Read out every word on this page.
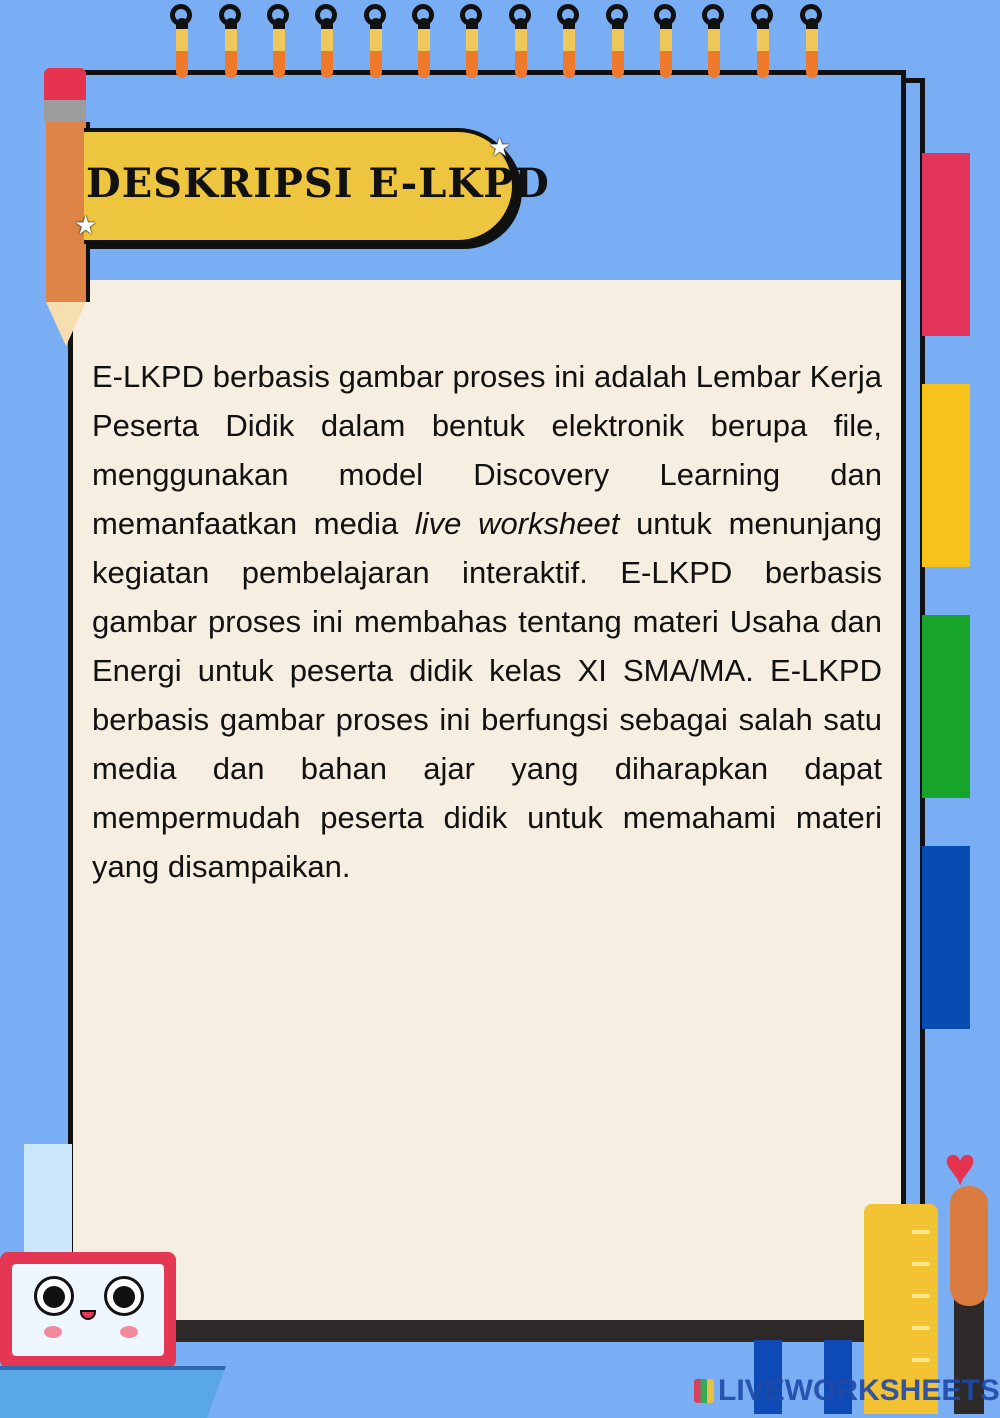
DESKRIPSI E-LKPD
★
★
E-LKPD berbasis gambar proses ini adalah Lembar Kerja Peserta Didik dalam bentuk elektronik berupa file, menggunakan model Discovery Learning dan memanfaatkan media live worksheet untuk menunjang kegiatan pembelajaran interaktif. E-LKPD berbasis gambar proses ini membahas tentang materi Usaha dan Energi untuk peserta didik kelas XI SMA/MA. E-LKPD berbasis gambar proses ini berfungsi sebagai salah satu media dan bahan ajar yang diharapkan dapat mempermudah peserta didik untuk memahami materi yang disampaikan.
♥
LIVEWORKSHEETS
